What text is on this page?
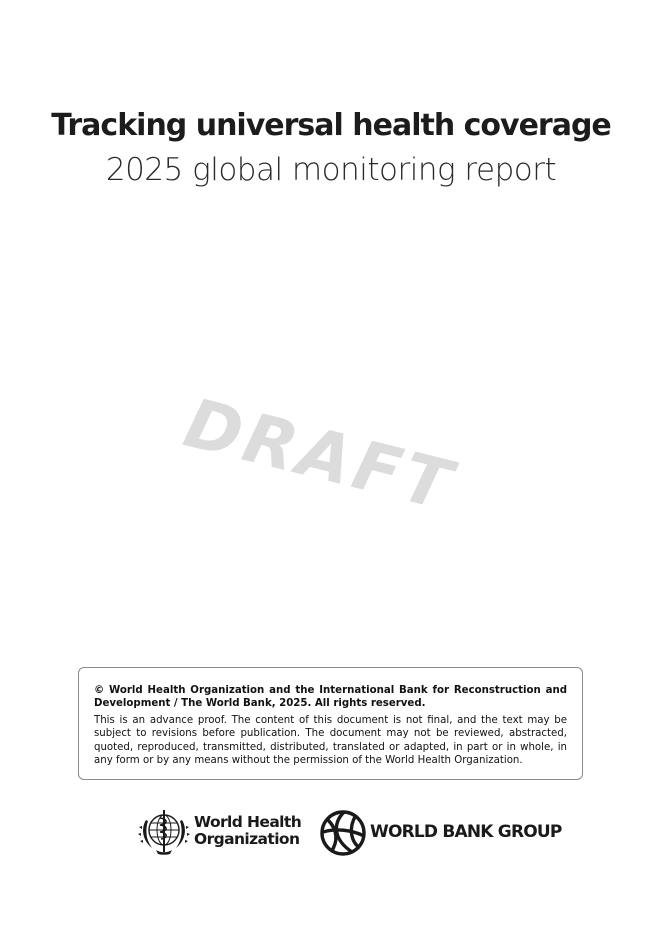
Tracking universal health coverage
2025 global monitoring report
DRAFT

© World Health Organization and the International Bank for Reconstruction and Development / The World Bank, 2025. All rights reserved.

This is an advance proof. The content of this document is not final, and the text may be subject to revisions before publication. The document may not be reviewed, abstracted, quoted, reproduced, transmitted, distributed, translated or adapted, in part or in whole, in any form or by any means without the permission of the World Health Organization.

World Health
Organization	WORLD BANK GROUP
